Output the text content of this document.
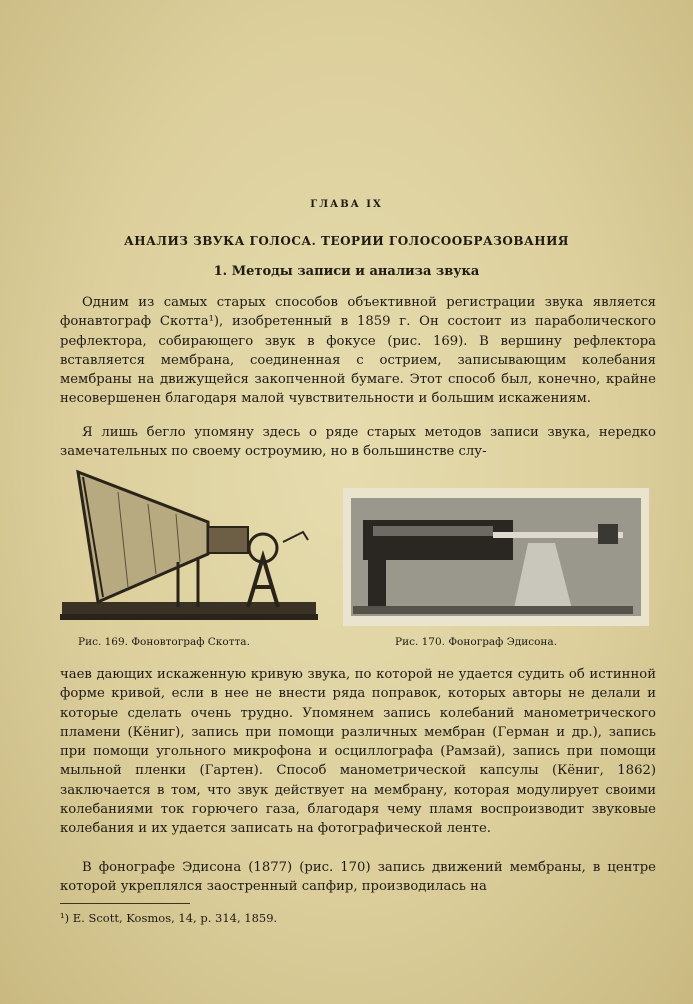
ГЛАВА IX
АНАЛИЗ ЗВУКА ГОЛОСА. ТЕОРИИ ГОЛОСООБРАЗОВАНИЯ
1. Методы записи и анализа звука
Одним из самых старых способов объективной регистрации звука является фонавтограф Скотта¹), изобретенный в 1859 г. Он состоит из параболического рефлектора, собирающего звук в фокусе (рис. 169). В вершину рефлектора вставляется мембрана, соединенная с острием, записывающим колебания мембраны на движущейся закопченной бумаге. Этот способ был, конечно, крайне несовершенен благодаря малой чувствительности и большим искажениям.
Я лишь бегло упомяну здесь о ряде старых методов записи звука, нередко замечательных по своему остроумию, но в большинстве слу-
Рис. 169. Фоновтограф Скотта.	Рис. 170. Фонограф Эдисона.
чаев дающих искаженную кривую звука, по которой не удается судить об истинной форме кривой, если в нее не внести ряда поправок, которых авторы не делали и которые сделать очень трудно. Упомянем запись колебаний манометрического пламени (Кёниг), запись при помощи различных мембран (Герман и др.), запись при помощи угольного микрофона и осциллографа (Рамзай), запись при помощи мыльной пленки (Гартен). Способ манометрической капсулы (Кёниг, 1862) заключается в том, что звук действует на мембрану, которая модулирует своими колебаниями ток горючего газа, благодаря чему пламя воспроизводит звуковые колебания и их удается записать на фотографической ленте.
В фонографе Эдисона (1877) (рис. 170) запись движений мембраны, в центре которой укреплялся заостренный сапфир, производилась на
¹) E. Scott, Kosmos, 14, p. 314, 1859.
